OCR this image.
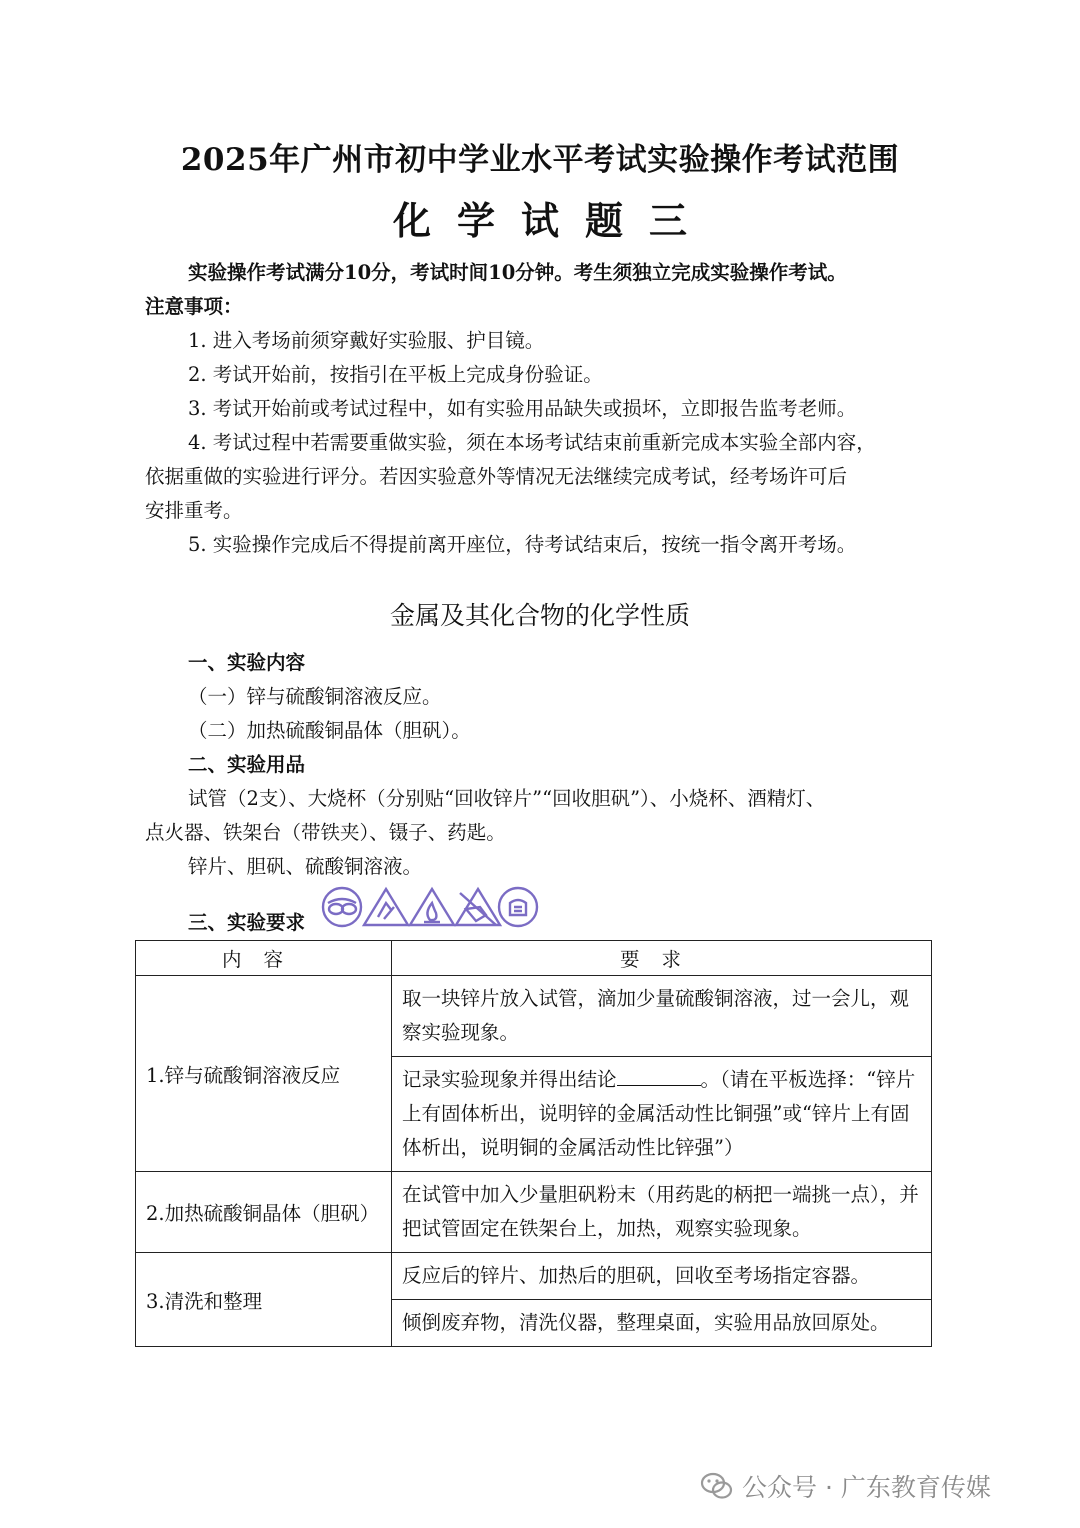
2025年广州市初中学业水平考试实验操作考试范围
化学试题三
实验操作考试满分10分，考试时间10分钟。考生须独立完成实验操作考试。
注意事项：
1. 进入考场前须穿戴好实验服、护目镜。
2. 考试开始前，按指引在平板上完成身份验证。
3. 考试开始前或考试过程中，如有实验用品缺失或损坏，立即报告监考老师。
4. 考试过程中若需要重做实验，须在本场考试结束前重新完成本实验全部内容，
依据重做的实验进行评分。若因实验意外等情况无法继续完成考试，经考场许可后
安排重考。
5. 实验操作完成后不得提前离开座位，待考试结束后，按统一指令离开考场。
金属及其化合物的化学性质
一、实验内容
（一）锌与硫酸铜溶液反应。
（二）加热硫酸铜晶体（胆矾）。
二、实验用品
试管（2支）、大烧杯（分别贴“回收锌片”“回收胆矾”）、小烧杯、酒精灯、
点火器、铁架台（带铁夹）、镊子、药匙。
锌片、胆矾、硫酸铜溶液。
三、实验要求
内容	要求
1.锌与硫酸铜溶液反应	取一块锌片放入试管，滴加少量硫酸铜溶液，过一会儿，观察实验现象。
	记录实验现象并得出结论 。（请在平板选择：“锌片上有固体析出，说明锌的金属活动性比铜强”或“锌片上有固体析出，说明铜的金属活动性比锌强”）
2.加热硫酸铜晶体（胆矾）	在试管中加入少量胆矾粉末（用药匙的柄把一端挑一点），并把试管固定在铁架台上，加热，观察实验现象。
3.清洗和整理	反应后的锌片、加热后的胆矾，回收至考场指定容器。
	倾倒废弃物，清洗仪器，整理桌面，实验用品放回原处。
公众号 · 广东教育传媒
